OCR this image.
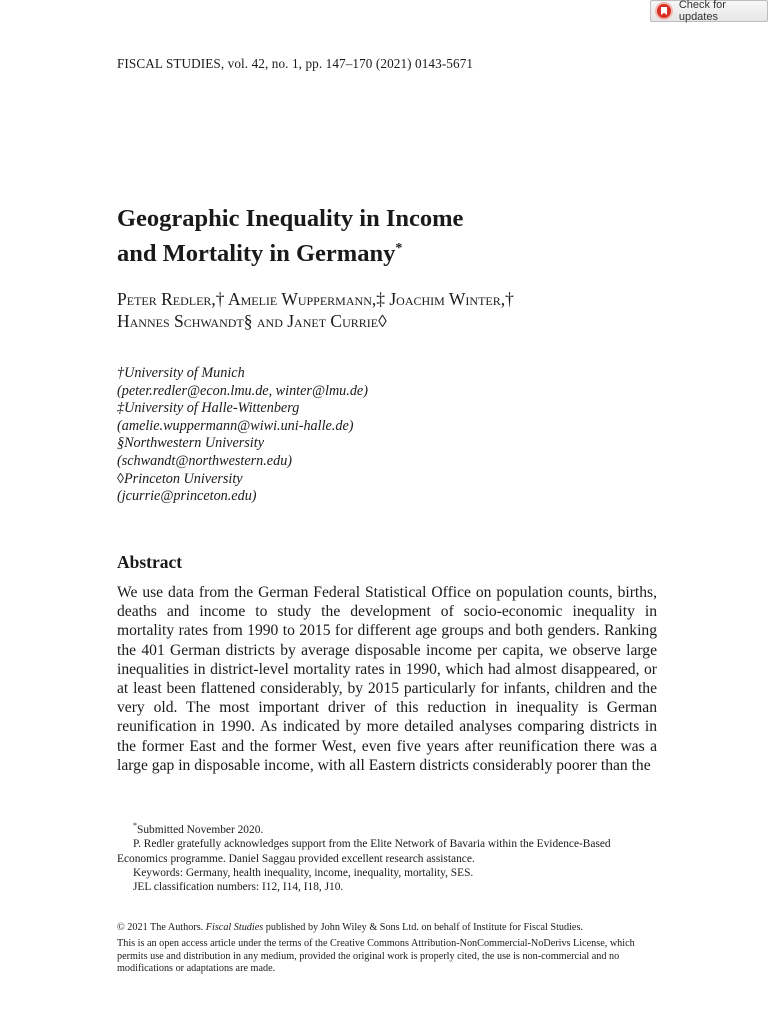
Check for updates
FISCAL STUDIES, vol. 42, no. 1, pp. 147–170 (2021) 0143-5671
Geographic Inequality in Income
and Mortality in Germany*
Peter Redler,† Amelie Wuppermann,‡ Joachim Winter,†
Hannes Schwandt§ and Janet Currie◊
†University of Munich
(peter.redler@econ.lmu.de, winter@lmu.de)
‡University of Halle-Wittenberg
(amelie.wuppermann@wiwi.uni-halle.de)
§Northwestern University
(schwandt@northwestern.edu)
◊Princeton University
(jcurrie@princeton.edu)
Abstract

We use data from the German Federal Statistical Office on population counts, births, deaths and income to study the development of socio-economic inequality in mortality rates from 1990 to 2015 for different age groups and both genders. Ranking the 401 German districts by average disposable income per capita, we observe large inequalities in district-level mortality rates in 1990, which had almost disappeared, or at least been flattened considerably, by 2015 particularly for infants, children and the very old. The most important driver of this reduction in inequality is German reunification in 1990. As indicated by more detailed analyses comparing districts in the former East and the former West, even five years after reunification there was a large gap in disposable income, with all Eastern districts considerably poorer than the

*Submitted November 2020.

P. Redler gratefully acknowledges support from the Elite Network of Bavaria within the Evidence-Based Economics programme. Daniel Saggau provided excellent research assistance.

Keywords: Germany, health inequality, income, inequality, mortality, SES.

JEL classification numbers: I12, I14, I18, J10.

© 2021 The Authors. Fiscal Studies published by John Wiley & Sons Ltd. on behalf of Institute for Fiscal Studies.

This is an open access article under the terms of the Creative Commons Attribution-NonCommercial-NoDerivs License, which permits use and distribution in any medium, provided the original work is properly cited, the use is non-commercial and no modifications or adaptations are made.
